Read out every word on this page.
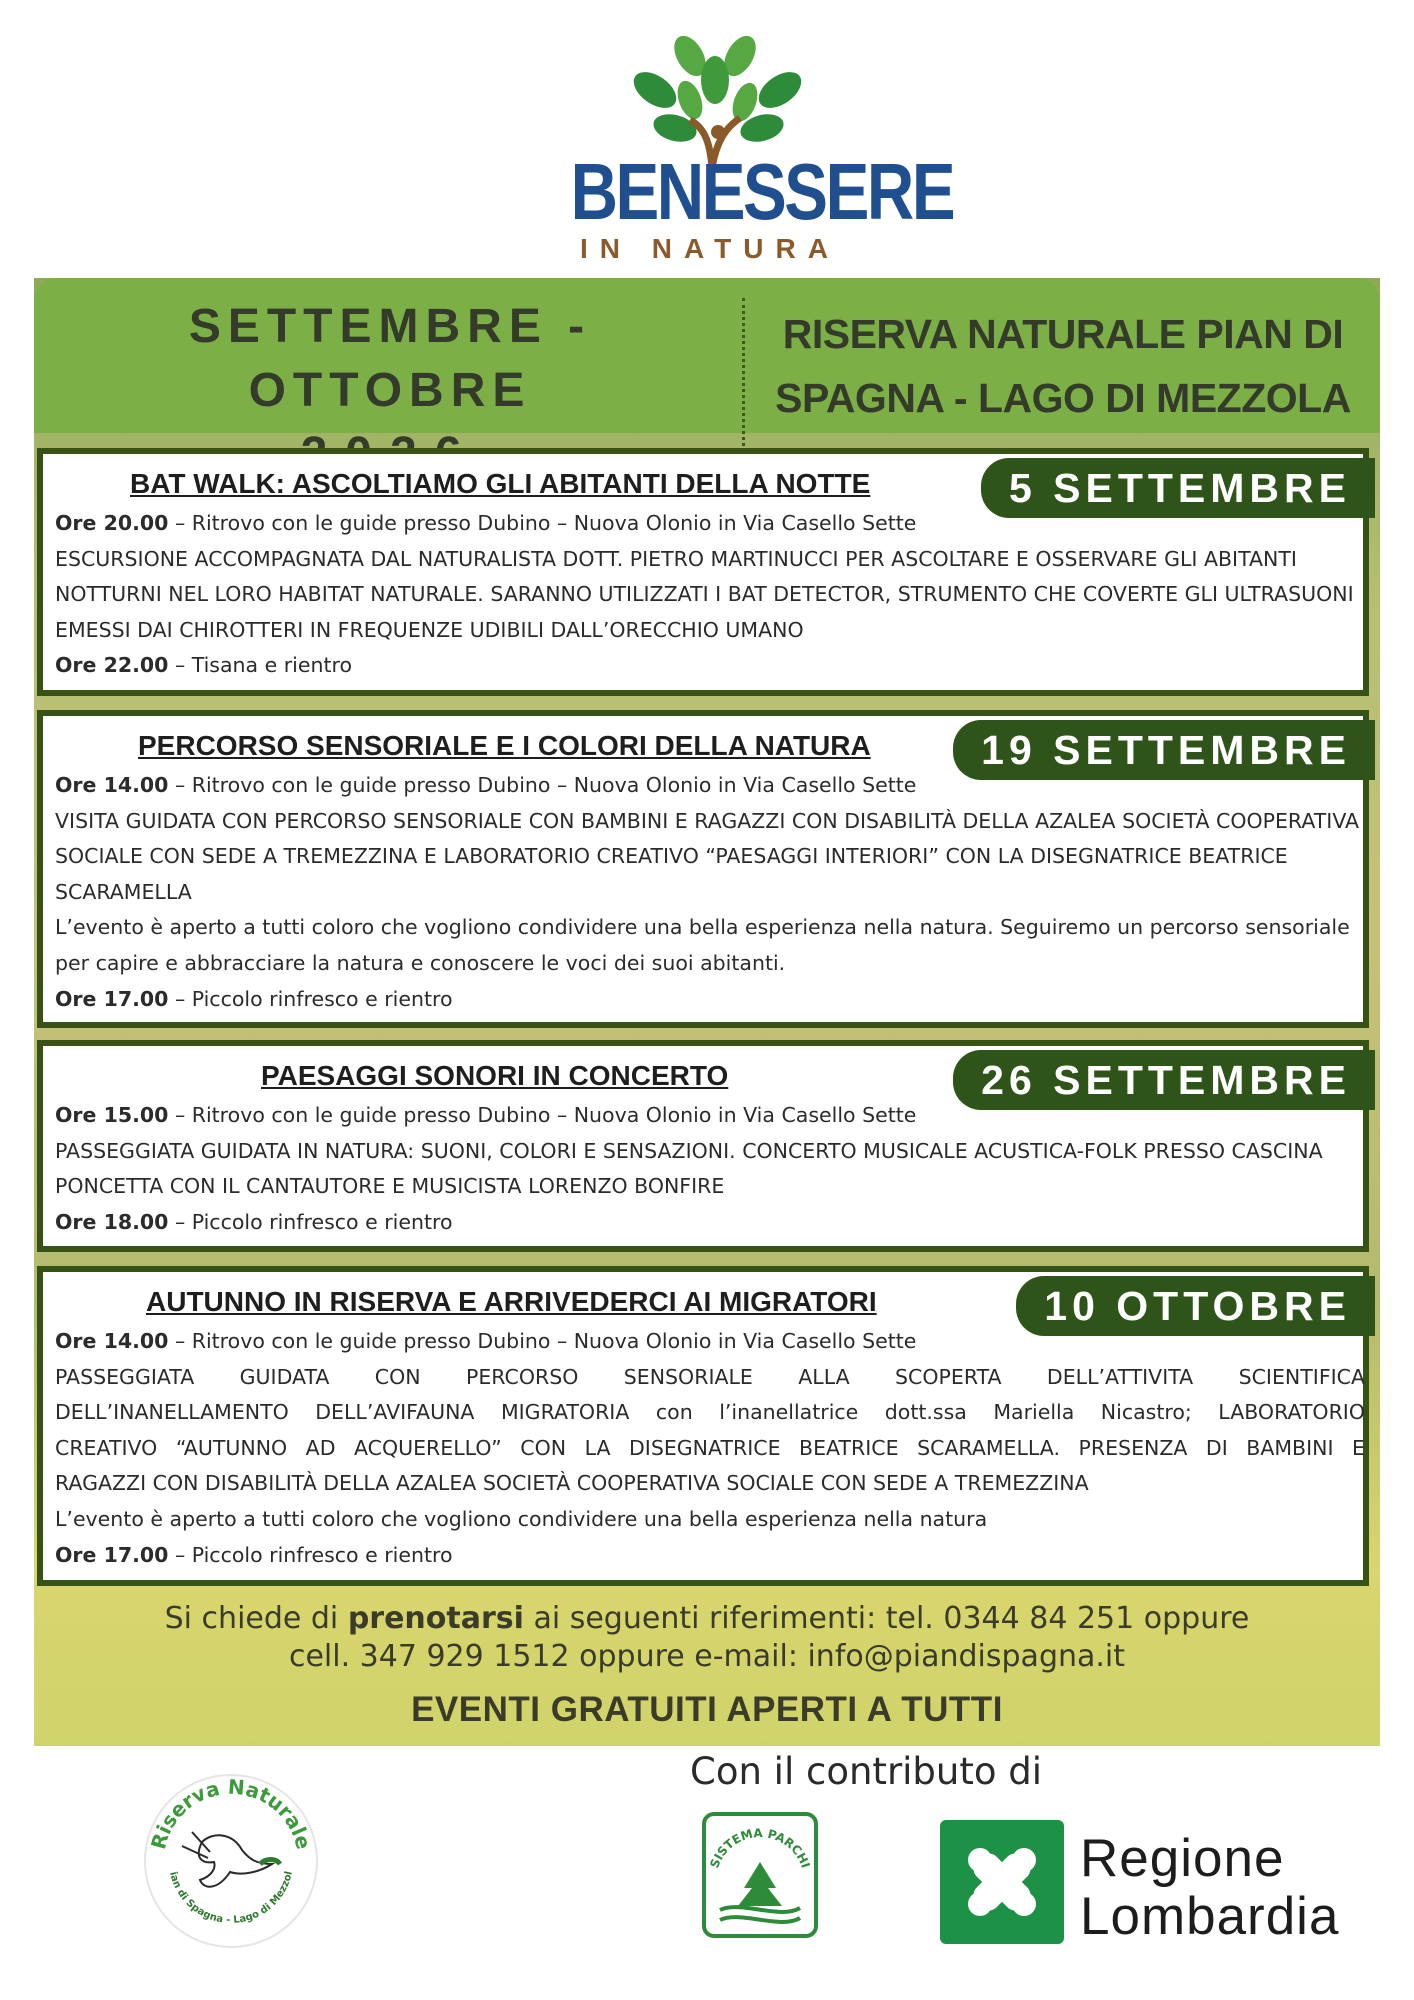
BENESSERE
IN NATURA
SETTEMBRE - OTTOBRE
RISERVA NATURALE PIAN DI
SPAGNA - LAGO DI MEZZOLA
BAT WALK: ASCOLTIAMO GLI ABITANTI DELLA NOTTE	5 SETTEMBRE

Ore 20.00 – Ritrovo con le guide presso Dubino – Nuova Olonio in Via Casello Sette

ESCURSIONE ACCOMPAGNATA DAL NATURALISTA DOTT. PIETRO MARTINUCCI PER ASCOLTARE E OSSERVARE GLI ABITANTI NOTTURNI NEL LORO HABITAT NATURALE. SARANNO UTILIZZATI I BAT DETECTOR, STRUMENTO CHE COVERTE GLI ULTRASUONI EMESSI DAI CHIROTTERI IN FREQUENZE UDIBILI DALL’ORECCHIO UMANO

Ore 22.00 – Tisana e rientro

PERCORSO SENSORIALE E I COLORI DELLA NATURA	19 SETTEMBRE

Ore 14.00 – Ritrovo con le guide presso Dubino – Nuova Olonio in Via Casello Sette

VISITA GUIDATA CON PERCORSO SENSORIALE CON BAMBINI E RAGAZZI CON DISABILITÀ DELLA AZALEA SOCIETÀ COOPERATIVA SOCIALE CON SEDE A TREMEZZINA E LABORATORIO CREATIVO “PAESAGGI INTERIORI” CON LA DISEGNATRICE BEATRICE SCARAMELLA

L’evento è aperto a tutti coloro che vogliono condividere una bella esperienza nella natura. Seguiremo un percorso sensoriale per capire e abbracciare la natura e conoscere le voci dei suoi abitanti.

Ore 17.00 – Piccolo rinfresco e rientro

PAESAGGI SONORI IN CONCERTO	26 SETTEMBRE

Ore 15.00 – Ritrovo con le guide presso Dubino – Nuova Olonio in Via Casello Sette

PASSEGGIATA GUIDATA IN NATURA: SUONI, COLORI E SENSAZIONI. CONCERTO MUSICALE ACUSTICA-FOLK PRESSO CASCINA PONCETTA CON IL CANTAUTORE E MUSICISTA LORENZO BONFIRE

Ore 18.00 – Piccolo rinfresco e rientro

AUTUNNO IN RISERVA E ARRIVEDERCI AI MIGRATORI	10 OTTOBRE

Ore 14.00 – Ritrovo con le guide presso Dubino – Nuova Olonio in Via Casello Sette

PASSEGGIATA GUIDATA CON PERCORSO SENSORIALE ALLA SCOPERTA DELL’ATTIVITA SCIENTIFICA

DELL’INANELLAMENTO DELL’AVIFAUNA MIGRATORIA con l’inanellatrice dott.ssa Mariella Nicastro; LABORATORIO

CREATIVO “AUTUNNO AD ACQUERELLO” CON LA DISEGNATRICE BEATRICE SCARAMELLA. PRESENZA DI BAMBINI E

RAGAZZI CON DISABILITÀ DELLA AZALEA SOCIETÀ COOPERATIVA SOCIALE CON SEDE A TREMEZZINA

L’evento è aperto a tutti coloro che vogliono condividere una bella esperienza nella natura

Ore 17.00 – Piccolo rinfresco e rientro

Si chiede di prenotarsi ai seguenti riferimenti: tel. 0344 84 251 oppure
cell. 347 929 1512 oppure e-mail: info@piandispagna.it
EVENTI GRATUITI APERTI A TUTTI
Con il contributo di
Riserva Naturale
ian di Spagna - Lago di Mezzol
SISTEMA PARCHI	Regione
Lombardia
